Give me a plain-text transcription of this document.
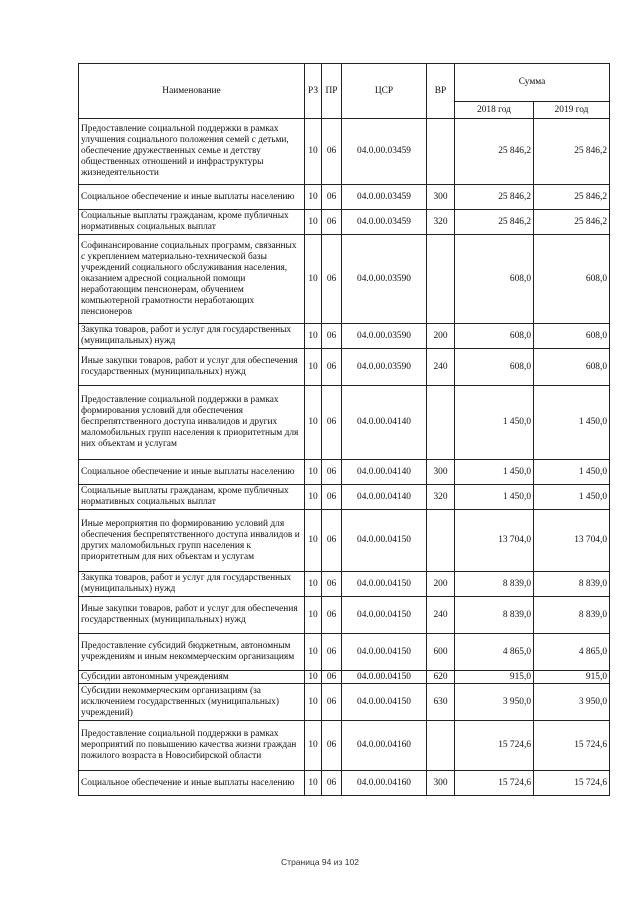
Наименование	РЗ	ПР	ЦСР	ВР	Сумма	
					2018 год	2019 год
Предоставление социальной поддержки в рамках улучшения социального положения семей с детьми, обеспечение дружественных семье и детству общественных отношений и инфраструктуры жизнедеятельности	10	06	04.0.00.03459		25 846,2	25 846,2
Социальное обеспечение и иные выплаты населению	10	06	04.0.00.03459	300	25 846,2	25 846,2
Социальные выплаты гражданам, кроме публичных нормативных социальных выплат	10	06	04.0.00.03459	320	25 846,2	25 846,2
Софинансирование социальных программ, связанных с укреплением материально-технической базы учреждений социального обслуживания населения, оказанием адресной социальной помощи неработающим пенсионерам, обучением компьютерной грамотности неработающих пенсионеров	10	06	04.0.00.03590		608,0	608,0
Закупка товаров, работ и услуг для государственных (муниципальных) нужд	10	06	04.0.00.03590	200	608,0	608,0
Иные закупки товаров, работ и услуг для обеспечения государственных (муниципальных) нужд	10	06	04.0.00.03590	240	608,0	608,0
Предоставление социальной поддержки в рамках формирования условий для обеспечения беспрепятственного доступа инвалидов и других маломобильных групп населения к приоритетным для них объектам и услугам	10	06	04.0.00.04140		1 450,0	1 450,0
Социальное обеспечение и иные выплаты населению	10	06	04.0.00.04140	300	1 450,0	1 450,0
Социальные выплаты гражданам, кроме публичных нормативных социальных выплат	10	06	04.0.00.04140	320	1 450,0	1 450,0
Иные мероприятия по формированию условий для обеспечения беспрепятственного доступа инвалидов и других маломобильных групп населения к приоритетным для них объектам и услугам	10	06	04.0.00.04150		13 704,0	13 704,0
Закупка товаров, работ и услуг для государственных (муниципальных) нужд	10	06	04.0.00.04150	200	8 839,0	8 839,0
Иные закупки товаров, работ и услуг для обеспечения государственных (муниципальных) нужд	10	06	04.0.00.04150	240	8 839,0	8 839,0
Предоставление субсидий бюджетным, автономным учреждениям и иным некоммерческим организациям	10	06	04.0.00.04150	600	4 865,0	4 865,0
Субсидии автономным учреждениям	10	06	04.0.00.04150	620	915,0	915,0
Субсидии некоммерческим организациям (за исключением государственных (муниципальных) учреждений)	10	06	04.0.00.04150	630	3 950,0	3 950,0
Предоставление социальной поддержки в рамках мероприятий по повышению качества жизни граждан пожилого возраста в Новосибирской области	10	06	04.0.00.04160		15 724,6	15 724,6
Социальное обеспечение и иные выплаты населению	10	06	04.0.00.04160	300	15 724,6	15 724,6
Страница 94 из 102
